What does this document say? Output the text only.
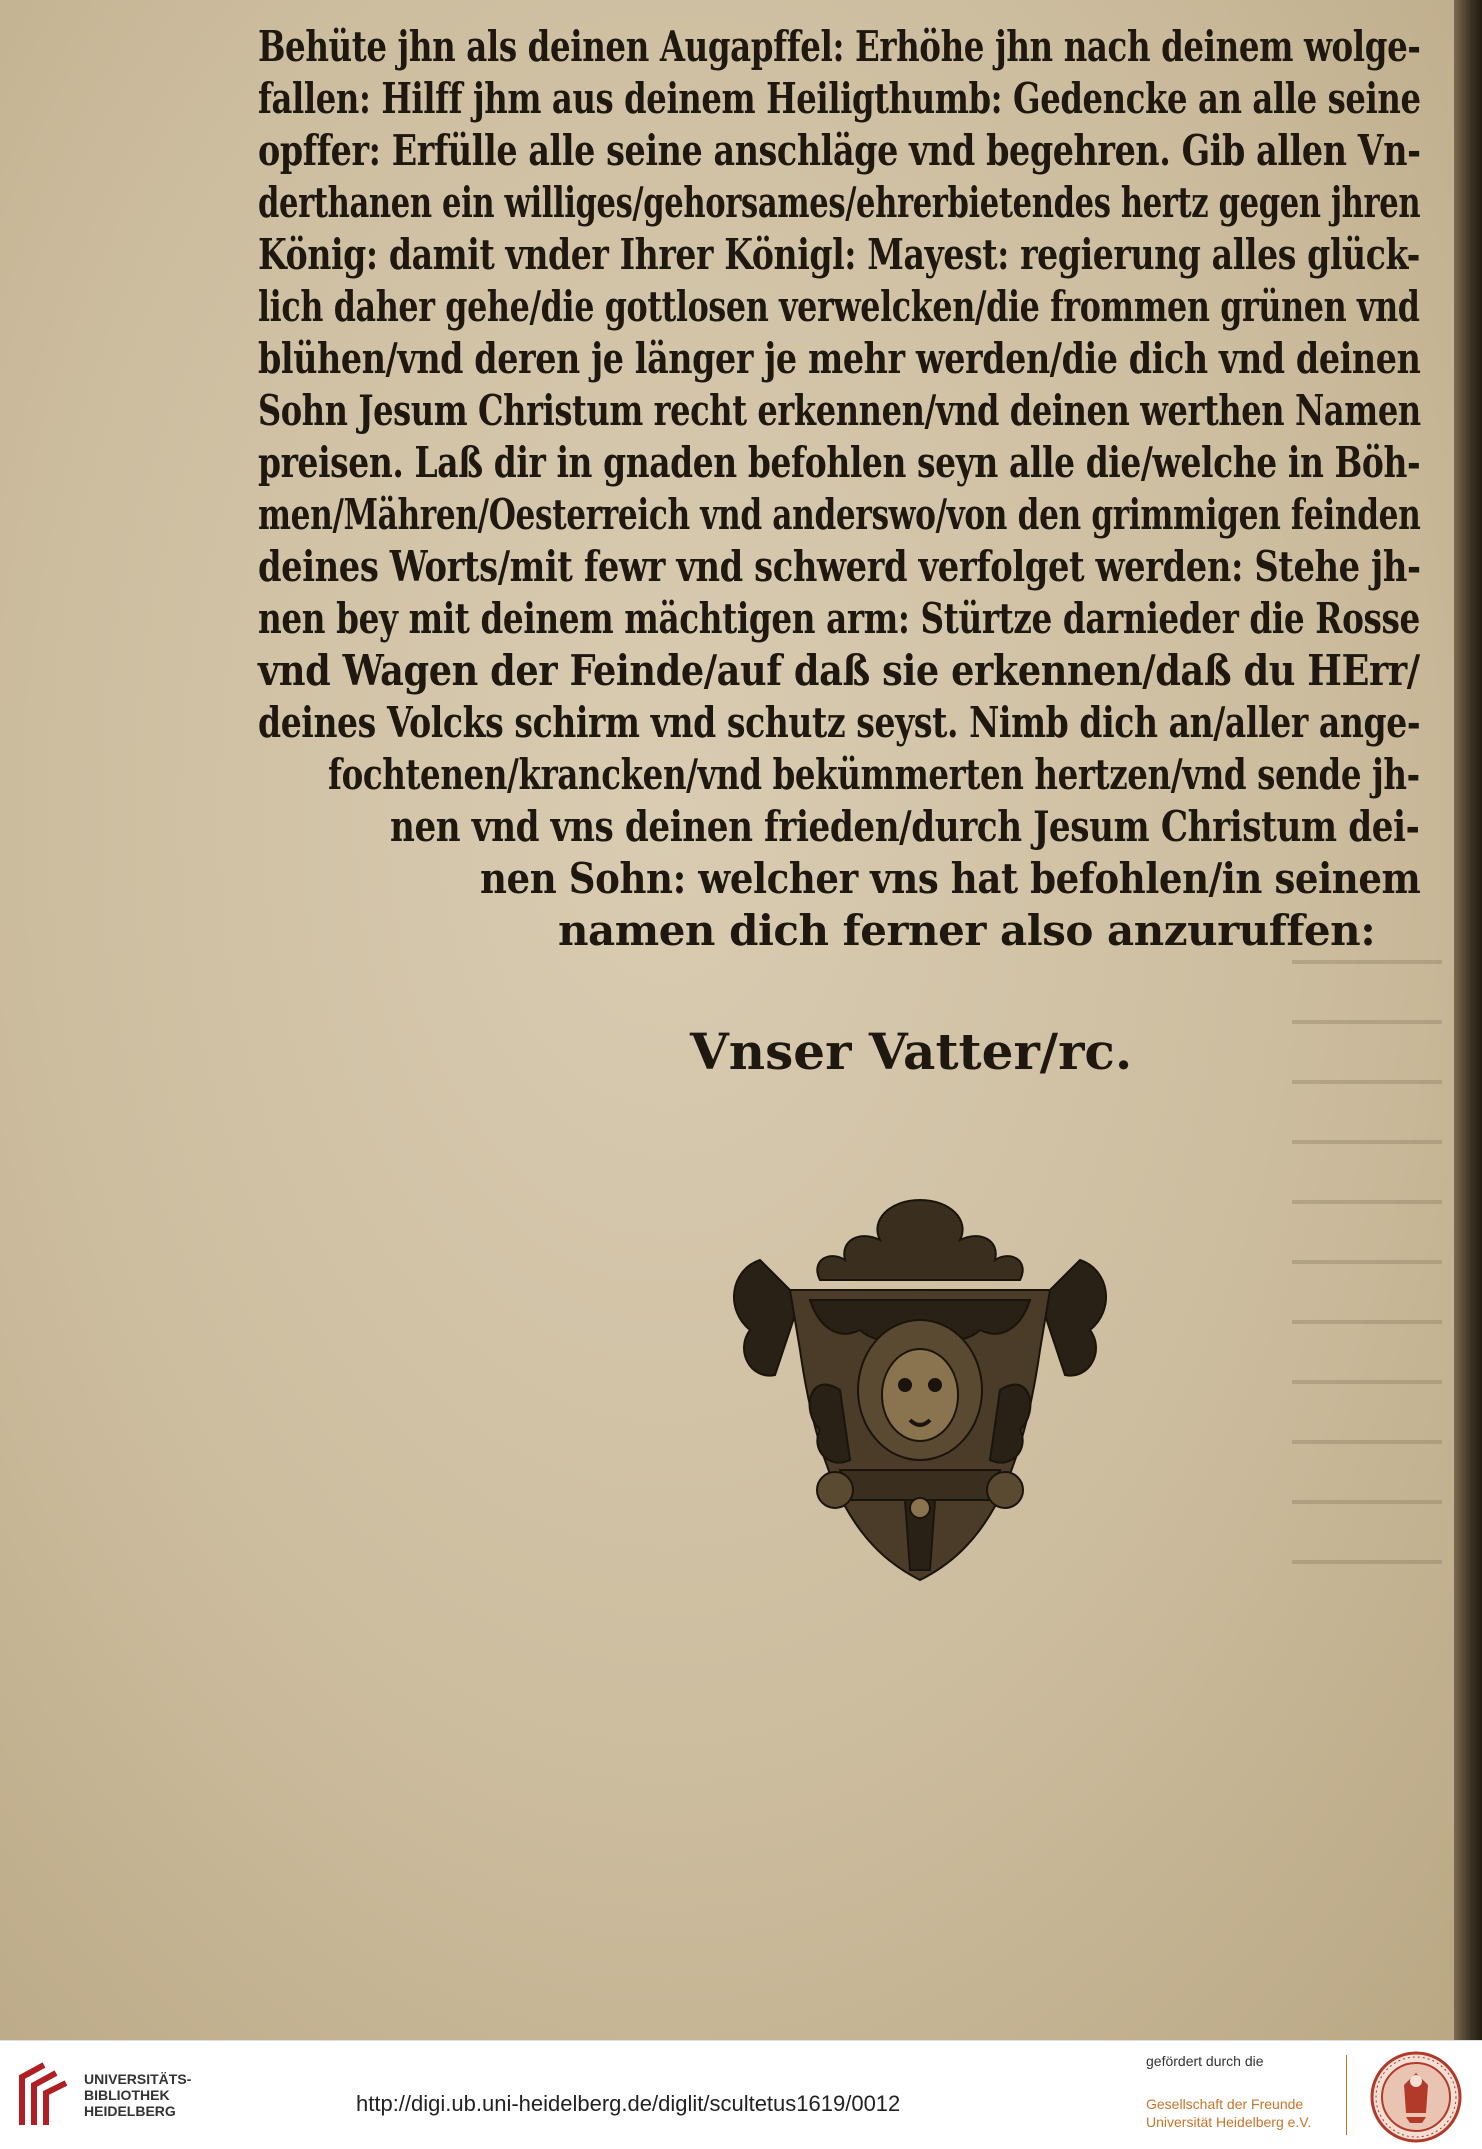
Behüte jhn als deinen Augapffel: Erhöhe jhn nach deinem wolge-
fallen: Hilff jhm aus deinem Heiligthumb: Gedencke an alle seine
opffer: Erfülle alle seine anschläge vnd begehren. Gib allen Vn-
derthanen ein williges/gehorsames/ehrerbietendes hertz gegen jhren
König: damit vnder Ihrer Königl: Mayest: regierung alles glück-
lich daher gehe/die gottlosen verwelcken/die frommen grünen vnd
blühen/vnd deren je länger je mehr werden/die dich vnd deinen
Sohn Jesum Christum recht erkennen/vnd deinen werthen Namen
preisen. Laß dir in gnaden befohlen seyn alle die/welche in Böh-
men/Mähren/Oesterreich vnd anderswo/von den grimmigen feinden
deines Worts/mit fewr vnd schwerd verfolget werden: Stehe jh-
nen bey mit deinem mächtigen arm: Stürtze darnieder die Rosse
vnd Wagen der Feinde/auf daß sie erkennen/daß du HErr/
deines Volcks schirm vnd schutz seyst. Nimb dich an/aller ange-
fochtenen/krancken/vnd bekümmerten hertzen/vnd sende jh-
nen vnd vns deinen frieden/durch Jesum Christum dei-
nen Sohn: welcher vns hat befohlen/in seinem
namen dich ferner also anzuruffen:
Vnser Vatter/rc.
UNIVERSITÄTS-
BIBLIOTHEK
HEIDELBERG	http://digi.ub.uni-heidelberg.de/diglit/scultetus1619/0012
gefördert durch die
Gesellschaft der Freunde
Universität Heidelberg e.V.
